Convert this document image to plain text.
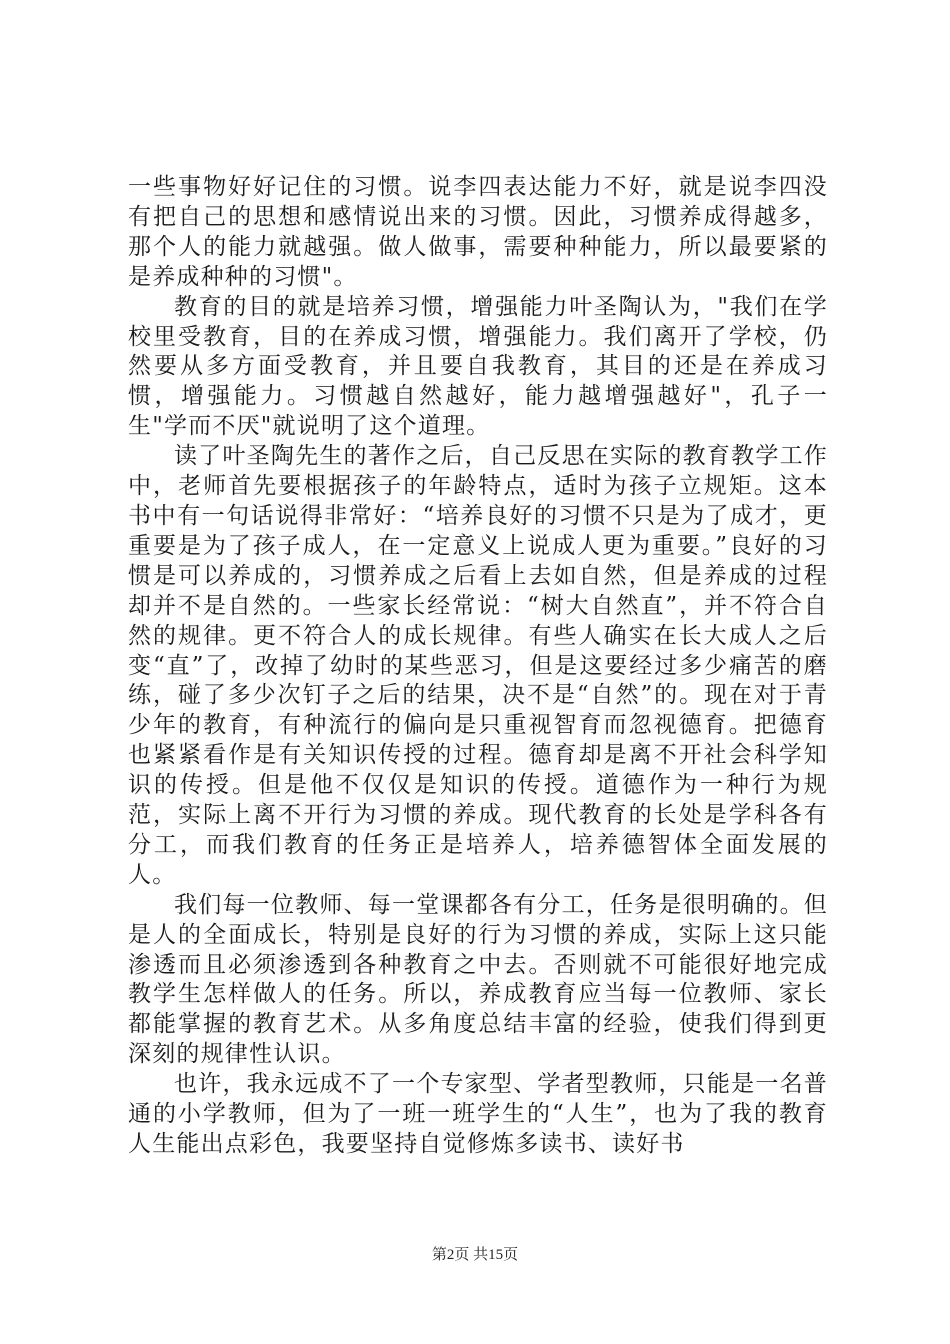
一些事物好好记住的习惯。说李四表达能力不好，就是说李四没有把自己的思想和感情说出来的习惯。因此，习惯养成得越多，那个人的能力就越强。做人做事，需要种种能力，所以最要紧的是养成种种的习惯"。

教育的目的就是培养习惯，增强能力叶圣陶认为，"我们在学校里受教育，目的在养成习惯，增强能力。我们离开了学校，仍然要从多方面受教育，并且要自我教育，其目的还是在养成习惯，增强能力。习惯越自然越好，能力越增强越好"，孔子一生"学而不厌"就说明了这个道理。

读了叶圣陶先生的著作之后，自己反思在实际的教育教学工作中，老师首先要根据孩子的年龄特点，适时为孩子立规矩。这本书中有一句话说得非常好：“培养良好的习惯不只是为了成才，更重要是为了孩子成人，在一定意义上说成人更为重要。”良好的习惯是可以养成的，习惯养成之后看上去如自然，但是养成的过程却并不是自然的。一些家长经常说：“树大自然直”，并不符合自然的规律。更不符合人的成长规律。有些人确实在长大成人之后变“直”了，改掉了幼时的某些恶习，但是这要经过多少痛苦的磨练，碰了多少次钉子之后的结果，决不是“自然”的。现在对于青少年的教育，有种流行的偏向是只重视智育而忽视德育。把德育也紧紧看作是有关知识传授的过程。德育却是离不开社会科学知识的传授。但是他不仅仅是知识的传授。道德作为一种行为规范，实际上离不开行为习惯的养成。现代教育的长处是学科各有分工，而我们教育的任务正是培养人，培养德智体全面发展的人。

我们每一位教师、每一堂课都各有分工，任务是很明确的。但是人的全面成长，特别是良好的行为习惯的养成，实际上这只能渗透而且必须渗透到各种教育之中去。否则就不可能很好地完成教学生怎样做人的任务。所以，养成教育应当每一位教师、家长都能掌握的教育艺术。从多角度总结丰富的经验，使我们得到更深刻的规律性认识。

也许，我永远成不了一个专家型、学者型教师，只能是一名普通的小学教师，但为了一班一班学生的“人生”，也为了我的教育人生能出点彩色，我要坚持自觉修炼多读书、读好书

第2页 共15页
